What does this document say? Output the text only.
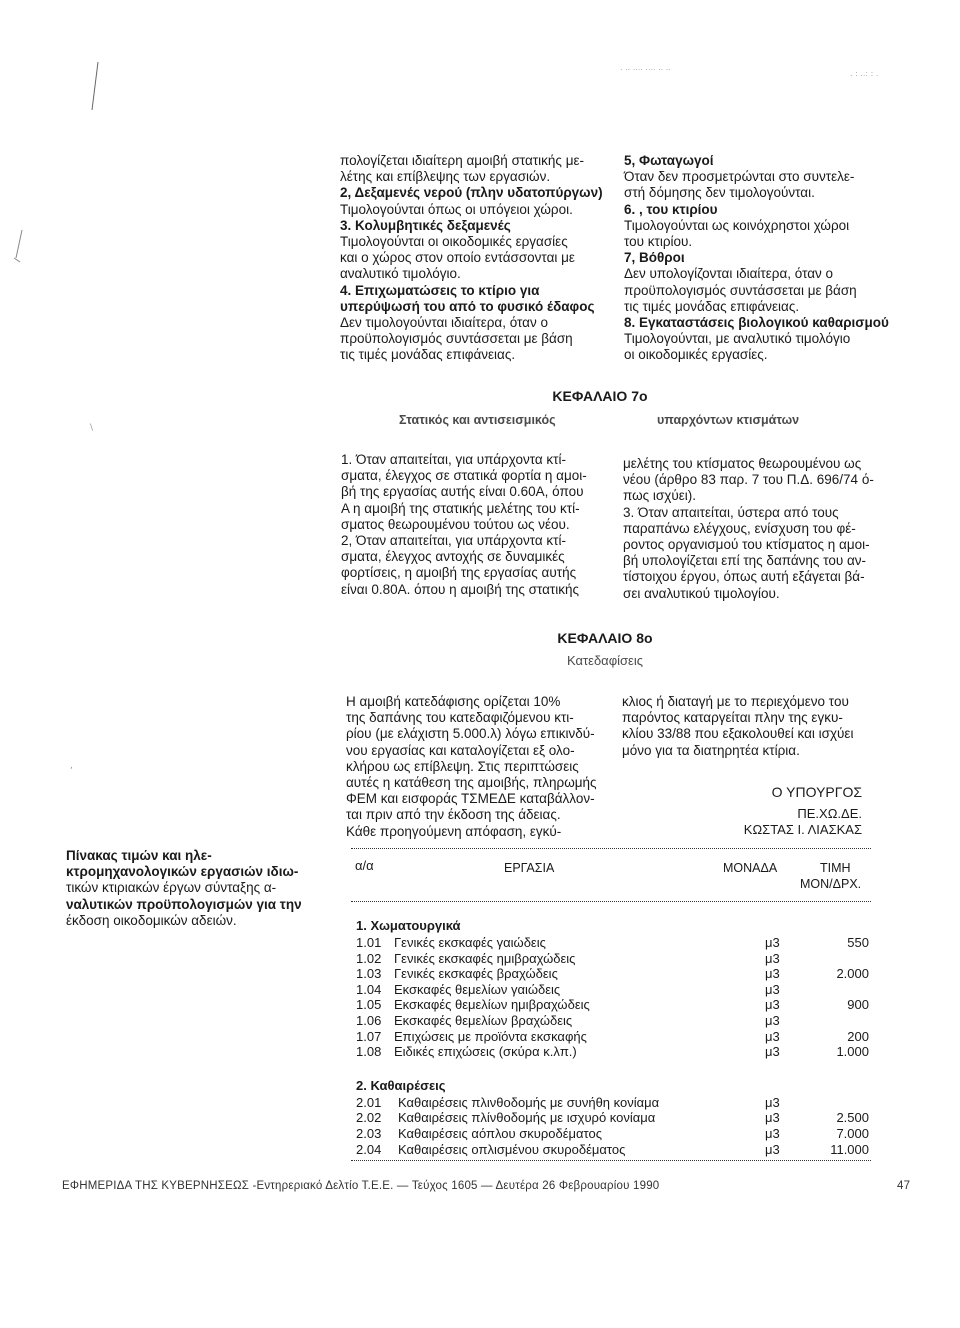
. .. .... .... .. ..
. : ..: : .
\
,
πολογίζεται ιδιαίτερη αμοιβή στατικής με-
λέτης και επίβλεψης των εργασιών.
2, Δεξαμενές νερού (πλην υδατοπύργων)
Τιμολογούνται όπως οι υπόγειοι χώροι.
3. Κολυμβητικές δεξαμενές
Τιμολογούνται οι οικοδομικές εργασίες
και ο χώρος στον οποίο εντάσσονται με
αναλυτικό τιμολόγιο.
4. Επιχωματώσεις το κτίριο για
υπερύψωσή του από το φυσικό έδαφος
Δεν τιμολογούνται ιδιαίτερα, όταν ο
προϋπολογισμός συντάσσεται με βάση
τις τιμές μονάδας επιφάνειας.
5, Φωταγωγοί
Όταν δεν προσμετρώνται στο συντελε-
στή δόμησης δεν τιμολογούνται.
6. , του κτιρίου
Τιμολογούνται ως κοινόχρηστοι χώροι
του κτιρίου.
7, Βόθροι
Δεν υπολογίζονται ιδιαίτερα, όταν ο
προϋπολογισμός συντάσσεται με βάση
τις τιμές μονάδας επιφάνειας.
8. Εγκαταστάσεις βιολογικού καθαρισμού
Τιμολογούνται, με αναλυτικό τιμολόγιο
οι οικοδομικές εργασίες.
ΚΕΦΑΛΑΙΟ 7ο
Στατικός και αντισεισμικός	υπαρχόντων κτισμάτων
1. Όταν απαιτείται, για υπάρχοντα κτί-
σματα, έλεγχος σε στατικά φορτία η αμοι-
βή της εργασίας αυτής είναι 0.60Α, όπου
Α η αμοιβή της στατικής μελέτης του κτί-
σματος θεωρουμένου τούτου ως νέου.
2, Όταν απαιτείται, για υπάρχοντα κτί-
σματα, έλεγχος αντοχής σε δυναμικές
φορτίσεις, η αμοιβή της εργασίας αυτής
είναι 0.80Α. όπου η αμοιβή της στατικής
μελέτης του κτίσματος θεωρουμένου ως
νέου (άρθρο 83 παρ. 7 του Π.Δ. 696/74 ό-
πως ισχύει).
3. Όταν απαιτείται, ύστερα από τους
παραπάνω ελέγχους, ενίσχυση του φέ-
ροντος οργανισμού του κτίσματος η αμοι-
βή υπολογίζεται επί της δαπάνης του αν-
τίστοιχου έργου, όπως αυτή εξάγεται βά-
σει αναλυτικού τιμολογίου.
ΚΕΦΑΛΑΙΟ 8ο
Κατεδαφίσεις
Η αμοιβή κατεδάφισης ορίζεται 10%
της δαπάνης του κατεδαφιζόμενου κτι-
ρίου (με ελάχιστη 5.000.λ) λόγω επικινδύ-
νου εργασίας και καταλογίζεται εξ ολο-
κλήρου ως επίβλεψη. Στις περιπτώσεις
αυτές η κατάθεση της αμοιβής, πληρωμής
ΦΕΜ και εισφοράς ΤΣΜΕΔΕ καταβάλλον-
ται πριν από την έκδοση της άδειας.
Κάθε προηγούμενη απόφαση, εγκύ-
κλιος ή διαταγή με το περιεχόμενο του
παρόντος καταργείται πλην της εγκυ-
κλίου 33/88 που εξακολουθεί και ισχύει
μόνο για τα διατηρητέα κτίρια.
Ο ΥΠΟΥΡΓΟΣ
ΠΕ.ΧΩ.ΔΕ.
ΚΩΣΤΑΣ Ι. ΛΙΑΣΚΑΣ
Πίνακας τιμών και ηλε-
κτρομηχανολογικών εργασιών ιδιω-
τικών κτιριακών έργων σύνταξης α-
ναλυτικών προϋπολογισμών για την
έκδοση οικοδομικών αδειών.
α/α	ΕΡΓΑΣΙΑ	ΜΟΝΑΔΑ	ΤΙΜΗ
ΜΟΝ/ΔΡΧ.
1. Χωματουργικά
1.01 Γενικές εκσκαφές γαιώδεις	μ3	550
1.02 Γενικές εκσκαφές ημιβραχώδεις	μ3
1.03 Γενικές εκσκαφές βραχώδεις	μ3	2.000
1.04 Εκσκαφές θεμελίων γαιώδεις	μ3
1.05 Εκσκαφές θεμελίων ημιβραχώδεις	μ3	900
1.06 Εκσκαφές θεμελίων βραχώδεις	μ3
1.07 Επιχώσεις με προϊόντα εκσκαφής	μ3	200
1.08 Ειδικές επιχώσεις (σκύρα κ.λπ.)	μ3	1.000
2. Καθαιρέσεις
2.01 Καθαιρέσεις πλινθοδομής με συνήθη κονίαμα	μ3
2.02 Καθαιρέσεις πλίνθοδομής με ισχυρό κονίαμα	μ3	2.500
2.03 Καθαιρέσεις αόπλου σκυροδέματος	μ3	7.000
2.04 Καθαιρέσεις οπλισμένου σκυροδέματος	μ3	11.000
ΕΦΗΜΕΡΙΔΑ ΤΗΣ ΚΥΒΕΡΝΗΣΕΩΣ -Εντηρεριακό Δελτίο Τ.Ε.Ε. — Τεύχος 1605 — Δευτέρα 26 Φεβρουαρίου 1990	47
